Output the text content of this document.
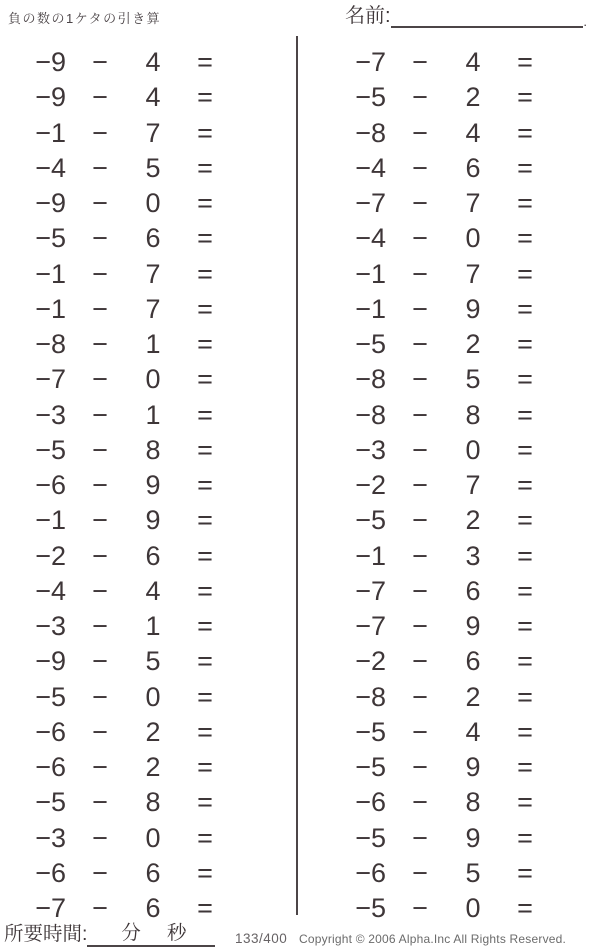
負の数の1ケタの引き算	名前:	.
−9 −	4	=
−9 −	4	=
−1 −	7	=
−4 −	5	=
−9 −	0	=
−5 −	6	=
−1 −	7	=
−1 −	7	=
−8 −	1	=
−7 −	0	=
−3 −	1	=
−5 −	8	=
−6 −	9	=
−1 −	9	=
−2 −	6	=
−4 −	4	=
−3 −	1	=
−9 −	5	=
−5 −	0	=
−6 −	2	=
−6 −	2	=
−5 −	8	=
−3 −	0	=
−6 −	6	=
−7 −	6	=
−7 −	4	=
−5 −	2	=
−8 −	4	=
−4 −	6	=
−7 −	7	=
−4 −	0	=
−1 −	7	=
−1 −	9	=
−5 −	2	=
−8 −	5	=
−8 −	8	=
−3 −	0	=
−2 −	7	=
−5 −	2	=
−1 −	3	=
−7 −	6	=
−7 −	9	=
−2 −	6	=
−8 −	2	=
−5 −	4	=
−5 −	9	=
−6 −	8	=
−5 −	9	=
−6 −	5	=
−5 −	0	=
所要時間: 分 秒	133/400 Copyright © 2006 Alpha.Inc All Rights Reserved.
